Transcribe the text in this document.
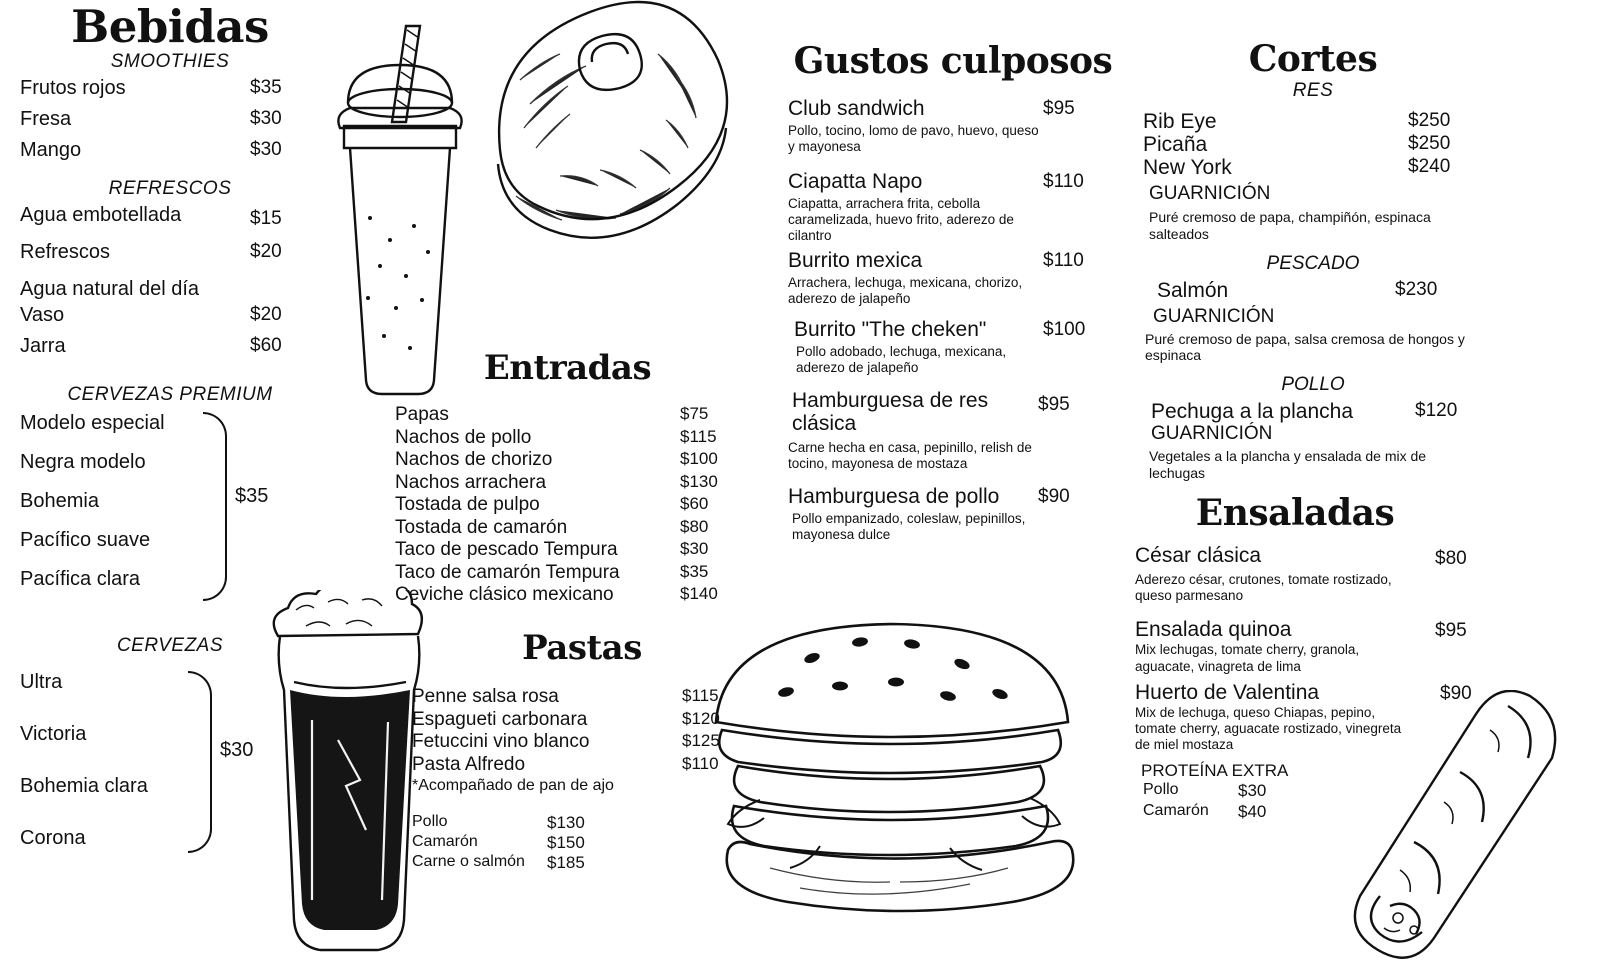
Bebidas
SMOOTHIES
Frutos rojos	$35
Fresa	$30
Mango	$30
REFRESCOS
Agua embotellada	$15
Refrescos	$20
Agua natural del día
Vaso	$20
Jarra	$60
CERVEZAS PREMIUM
$35
Modelo especial
Negra modelo
Bohemia
Pacífico suave
Pacífica clara
CERVEZAS
$30
Ultra
Victoria
Bohemia clara
Corona
Entradas
Papas	$75
Nachos de pollo	$115
Nachos de chorizo	$100
Nachos arrachera	$130
Tostada de pulpo	$60
Tostada de camarón	$80
Taco de pescado Tempura	$30
Taco de camarón Tempura	$35
Ceviche clásico mexicano	$140
Pastas
Penne salsa rosa	$115
Espagueti carbonara	$120
Fetuccini vino blanco	$125
Pasta Alfredo	$110
*Acompañado de pan de ajo
Pollo	$130
Camarón	$150
Carne o salmón $185
Gustos culposos
Club sandwich	$95
Pollo, tocino, lomo de pavo, huevo, queso y mayonesa
Ciapatta Napo	$110
Ciapatta, arrachera frita, cebolla caramelizada, huevo frito, aderezo de cilantro
Burrito mexica	$110
Arrachera, lechuga, mexicana, chorizo, aderezo de jalapeño
Burrito "The cheken"	$100
Pollo adobado, lechuga, mexicana, aderezo de jalapeño
Hamburguesa de res clásica
$95
Carne hecha en casa, pepinillo, relish de tocino, mayonesa de mostaza
Hamburguesa de pollo	$90
Pollo empanizado, coleslaw, pepinillos, mayonesa dulce
Cortes
RES
Rib Eye	$250
Picaña	$250
New York	$240
GUARNICIÓN
Puré cremoso de papa, champiñón, espinaca salteados
PESCADO
Salmón	$230
GUARNICIÓN
Puré cremoso de papa, salsa cremosa de hongos y espinaca
POLLO
Pechuga a la plancha	$120
GUARNICIÓN
Vegetales a la plancha y ensalada de mix de lechugas
Ensaladas
César clásica	$80
Aderezo césar, crutones, tomate rostizado, queso parmesano
Ensalada quinoa	$95
Mix lechugas, tomate cherry, granola, aguacate, vinagreta de lima
Huerto de Valentina	$90
Mix de lechuga, queso Chiapas, pepino, tomate cherry, aguacate rostizado, vinegreta de miel mostaza
PROTEÍNA EXTRA
Pollo	$30
Camarón $40
